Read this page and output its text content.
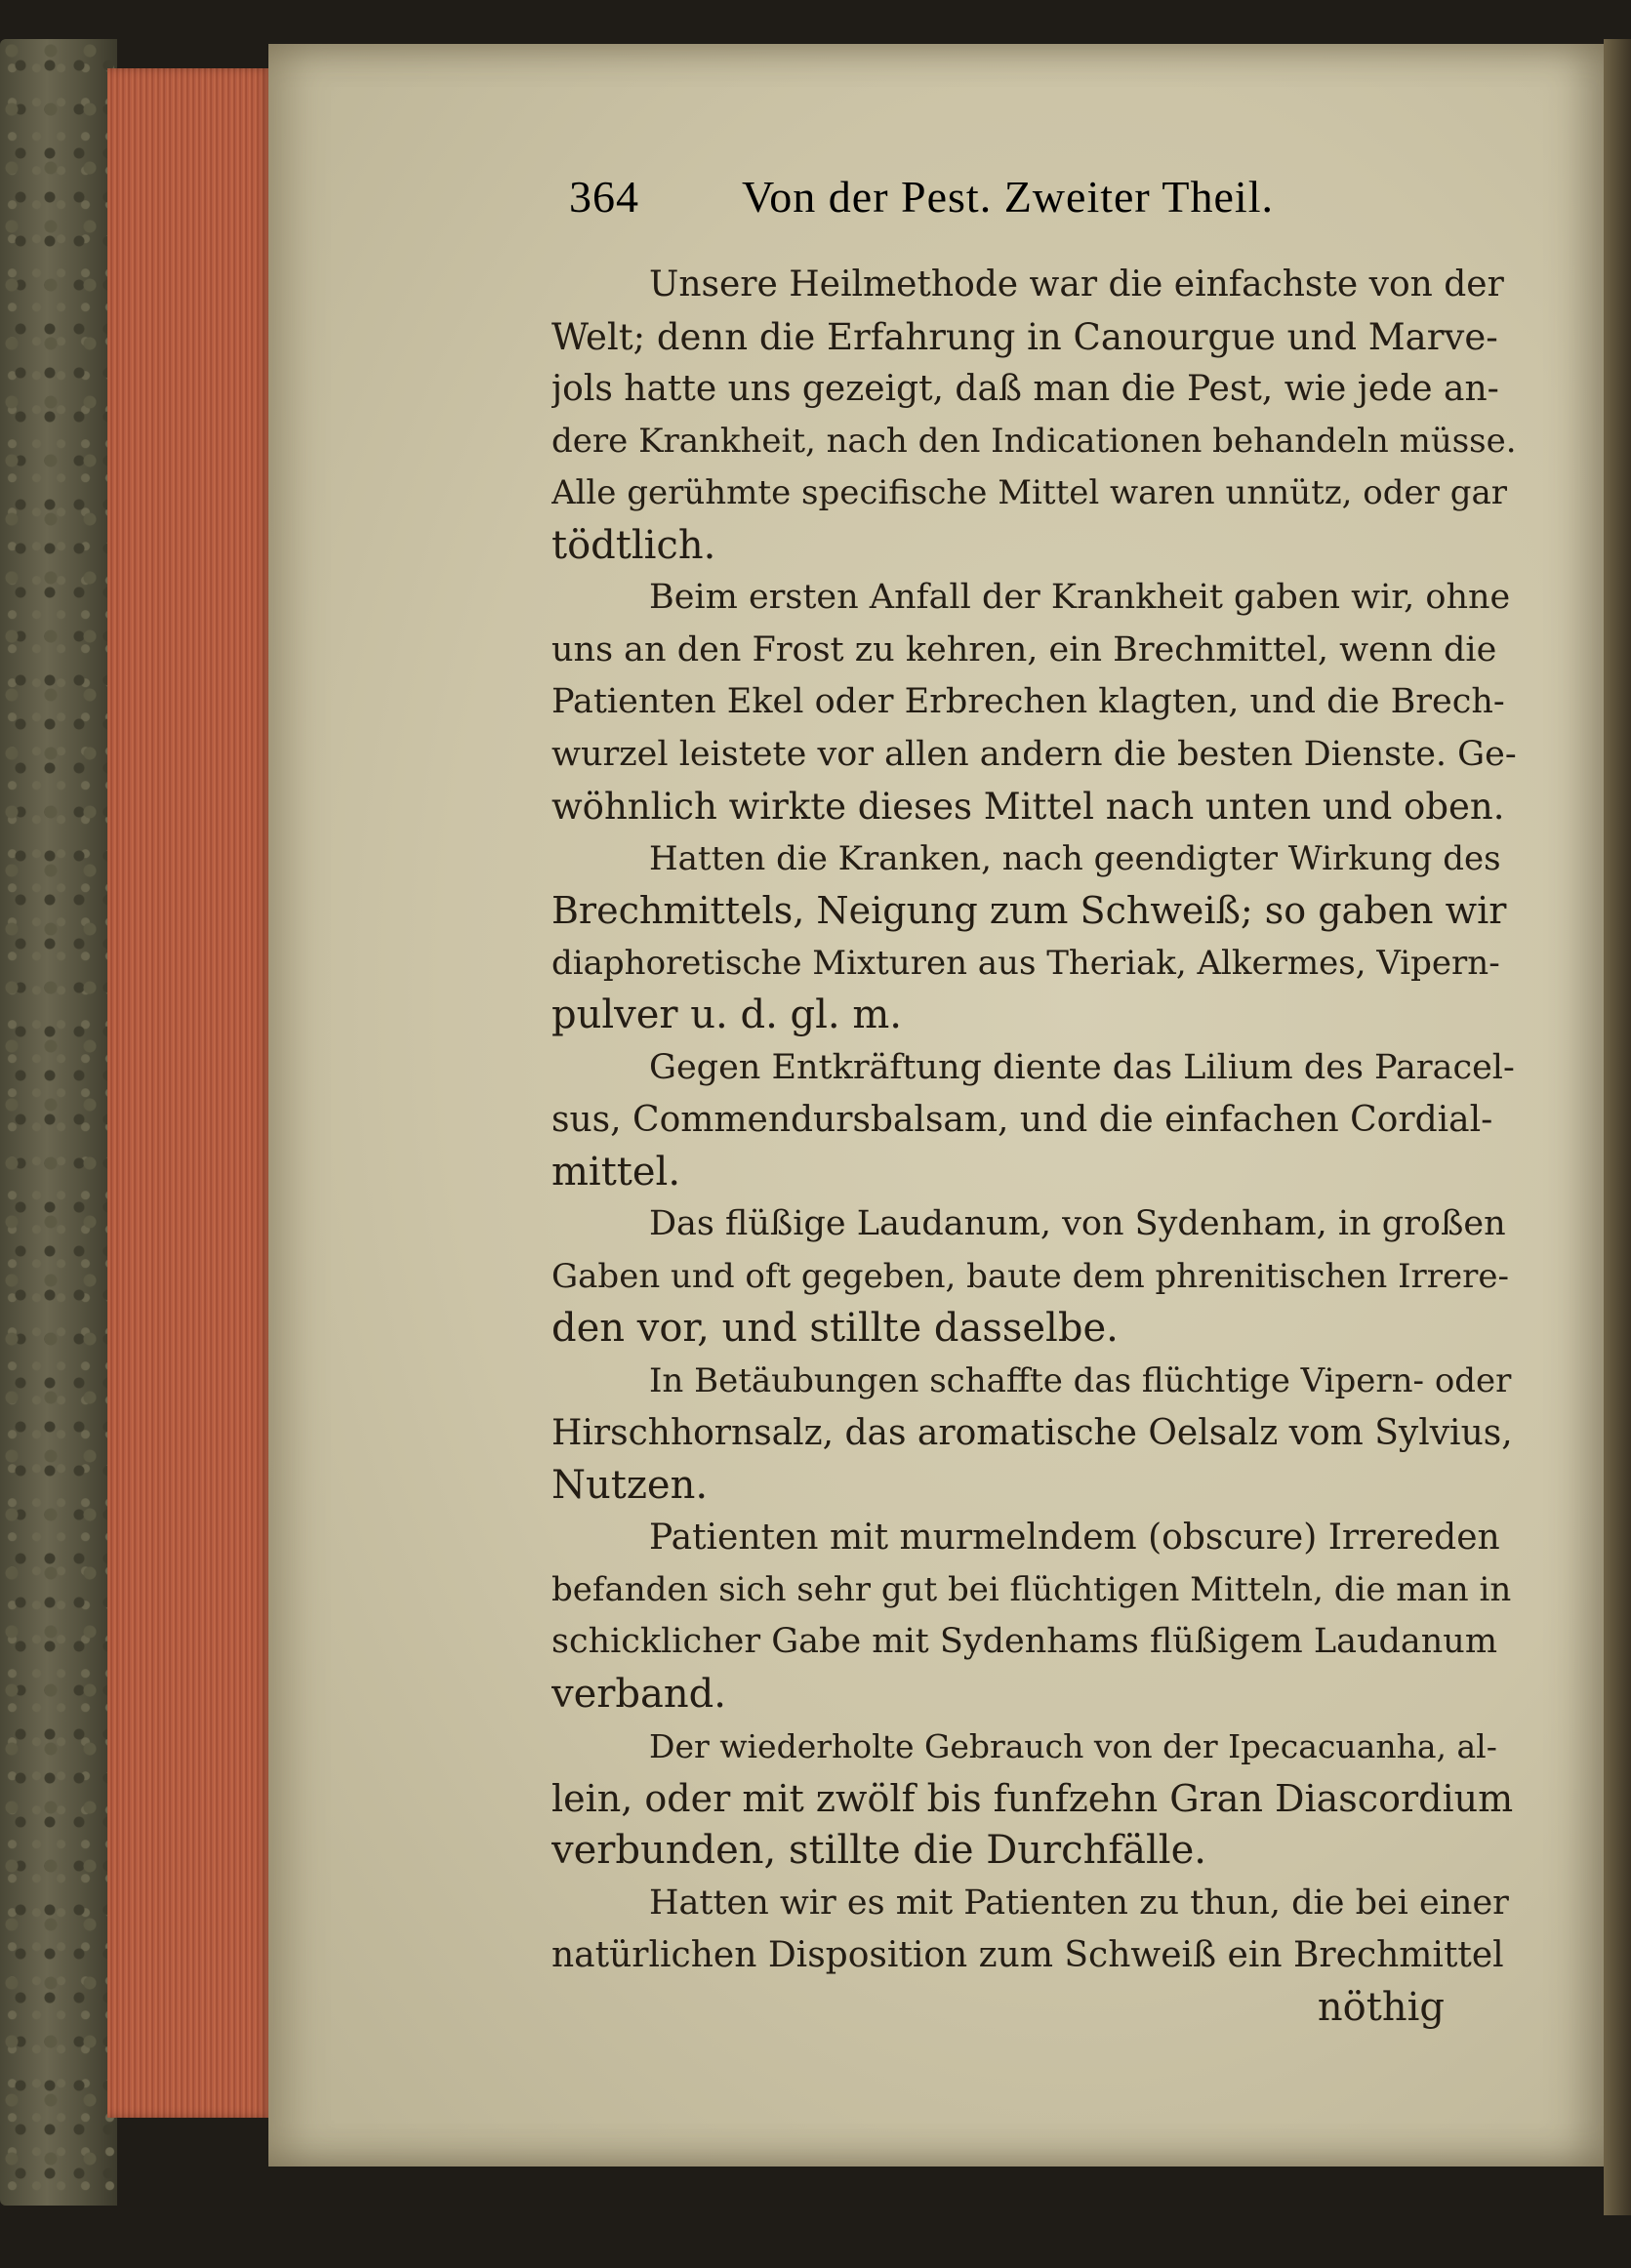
364 Von der Pest. Zweiter Theil.
Unsere Heilmethode war die einfachste von der
Welt; denn die Erfahrung in Canourgue und Marve-
jols hatte uns gezeigt, daß man die Pest, wie jede an-
dere Krankheit, nach den Indicationen behandeln müsse.
Alle gerühmte specifische Mittel waren unnütz, oder gar
tödtlich.
Beim ersten Anfall der Krankheit gaben wir, ohne
uns an den Frost zu kehren, ein Brechmittel, wenn die
Patienten Ekel oder Erbrechen klagten, und die Brech-
wurzel leistete vor allen andern die besten Dienste. Ge-
wöhnlich wirkte dieses Mittel nach unten und oben.
Hatten die Kranken, nach geendigter Wirkung des
Brechmittels, Neigung zum Schweiß; so gaben wir
diaphoretische Mixturen aus Theriak, Alkermes, Vipern-
pulver u. d. gl. m.
Gegen Entkräftung diente das Lilium des Paracel-
sus, Commendursbalsam, und die einfachen Cordial-
mittel.
Das flüßige Laudanum, von Sydenham, in großen
Gaben und oft gegeben, baute dem phrenitischen Irrere-
den vor, und stillte dasselbe.
In Betäubungen schaffte das flüchtige Vipern- oder
Hirschhornsalz, das aromatische Oelsalz vom Sylvius,
Nutzen.
Patienten mit murmelndem (obscure) Irrereden
befanden sich sehr gut bei flüchtigen Mitteln, die man in
schicklicher Gabe mit Sydenhams flüßigem Laudanum
verband.
Der wiederholte Gebrauch von der Ipecacuanha, al-
lein, oder mit zwölf bis funfzehn Gran Diascordium
verbunden, stillte die Durchfälle.
Hatten wir es mit Patienten zu thun, die bei einer
natürlichen Disposition zum Schweiß ein Brechmittel
nöthig
